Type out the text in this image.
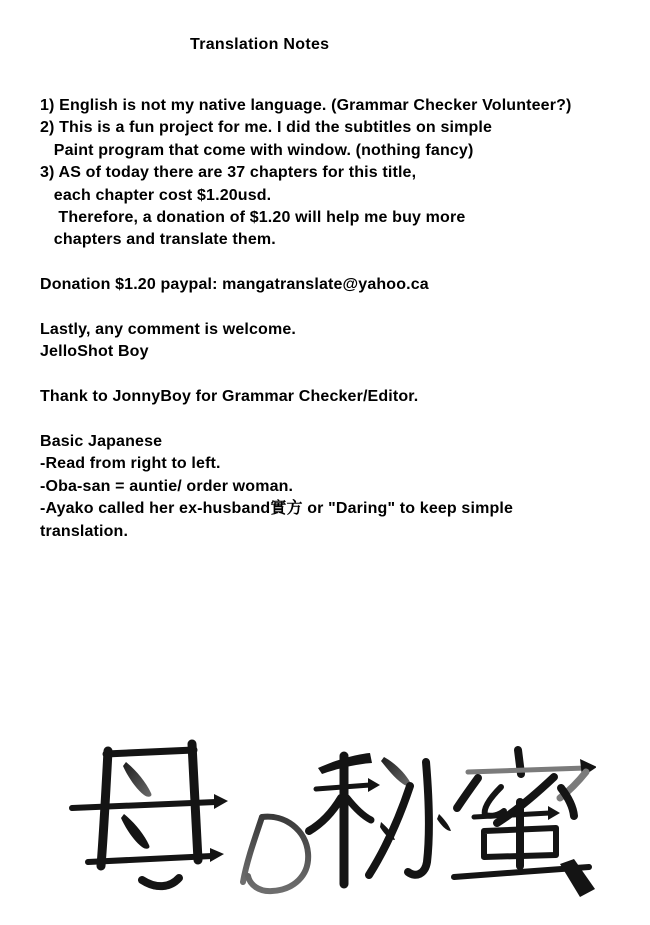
Translation Notes
1) English is not my native language. (Grammar Checker Volunteer?)
2) This is a fun project for me. I did the subtitles on simple
Paint program that come with window. (nothing fancy)
3) AS of today there are 37 chapters for this title,
each chapter cost $1.20usd.
Therefore, a donation of $1.20 will help me buy more
chapters and translate them.
Donation $1.20 paypal: mangatranslate@yahoo.ca
Lastly, any comment is welcome.
JelloShot Boy
Thank to JonnyBoy for Grammar Checker/Editor.
Basic Japanese
-Read from right to left.
-Oba-san = auntie/ order woman.
-Ayako called her ex-husband實方 or "Daring" to keep simple
translation.
